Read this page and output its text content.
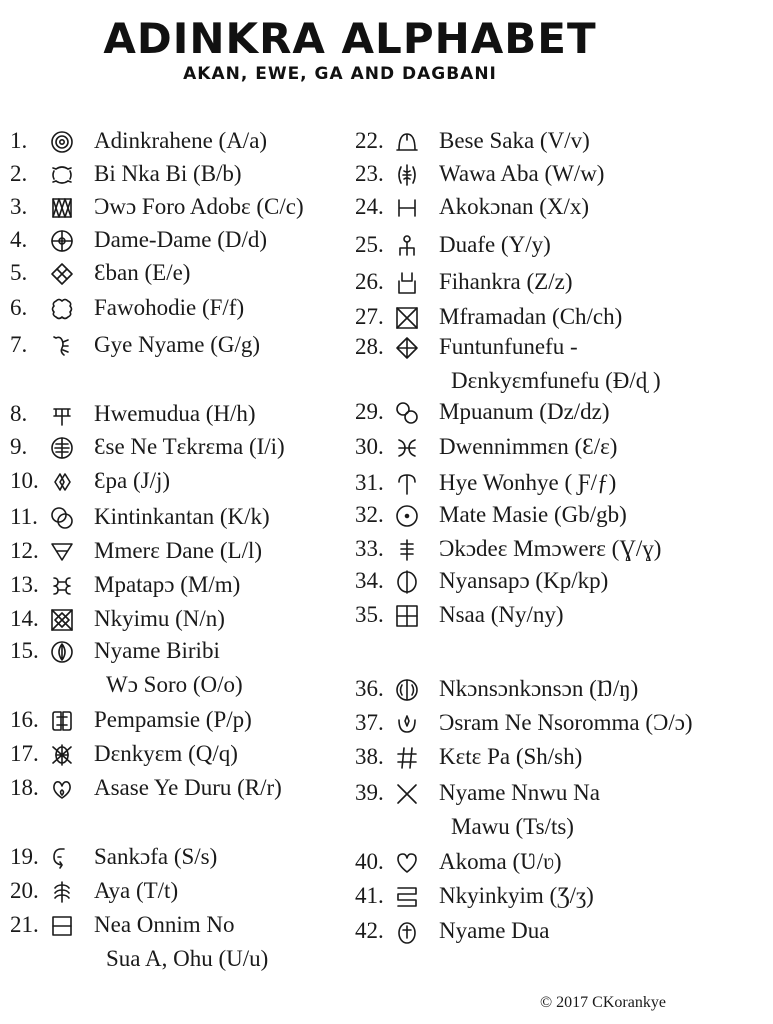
ADINKRA ALPHABET
AKAN, EWE, GA AND DAGBANI
1.	Adinkrahene (A/a)
2.	Bi Nka Bi (B/b)
3.	Ɔwɔ Foro Adobɛ (C/c)
4.	Dame-Dame (D/d)
5.	Ɛban (E/e)
6.	Fawohodie (F/f)
7.	Gye Nyame (G/g)
8.	Hwemudua (H/h)
9.	Ɛse Ne Tɛkrɛma (I/i)
10. Ɛpa (J/j)
11. Kintinkantan (K/k)
12. Mmerɛ Dane (L/l)
13. Mpatapɔ (M/m)
14. Nkyimu (N/n)
15. Nyame Biribi
Wɔ Soro (O/o)
16. Pempamsie (P/p)
17. Dɛnkyɛm (Q/q)
18. Asase Ye Duru (R/r)
19. Sankɔfa (S/s)
20. Aya (T/t)
21. Nea Onnim No
Sua A, Ohu (U/u)
22. Bese Saka (V/v)
23. Wawa Aba (W/w)
24. Akokɔnan (X/x)
25. Duafe (Y/y)
26. Fihankra (Z/z)
27. Mframadan (Ch/ch)
28. Funtunfunefu -
Dɛnkyɛmfunefu (Ɖ/ɖ )
29. Mpuanum (Dz/dz)
30. Dwennimmɛn (Ɛ/ɛ)
31. Hye Wonhye ( Ƒ/ƒ)
32. Mate Masie (Gb/gb)
33. Ɔkɔdeɛ Mmɔwerɛ (Ɣ/ɣ)
34. Nyansapɔ (Kp/kp)
35. Nsaa (Ny/ny)
36. Nkɔnsɔnkɔnsɔn (Ŋ/ŋ)
37. Ɔsram Ne Nsoromma (Ɔ/ɔ)
38. Kɛtɛ Pa (Sh/sh)
39. Nyame Nnwu Na
Mawu (Ts/ts)
40. Akoma (Ʋ/ʋ)
41. Nkyinkyim (Ʒ/ʒ)
42. Nyame Dua
© 2017 CKorankye
